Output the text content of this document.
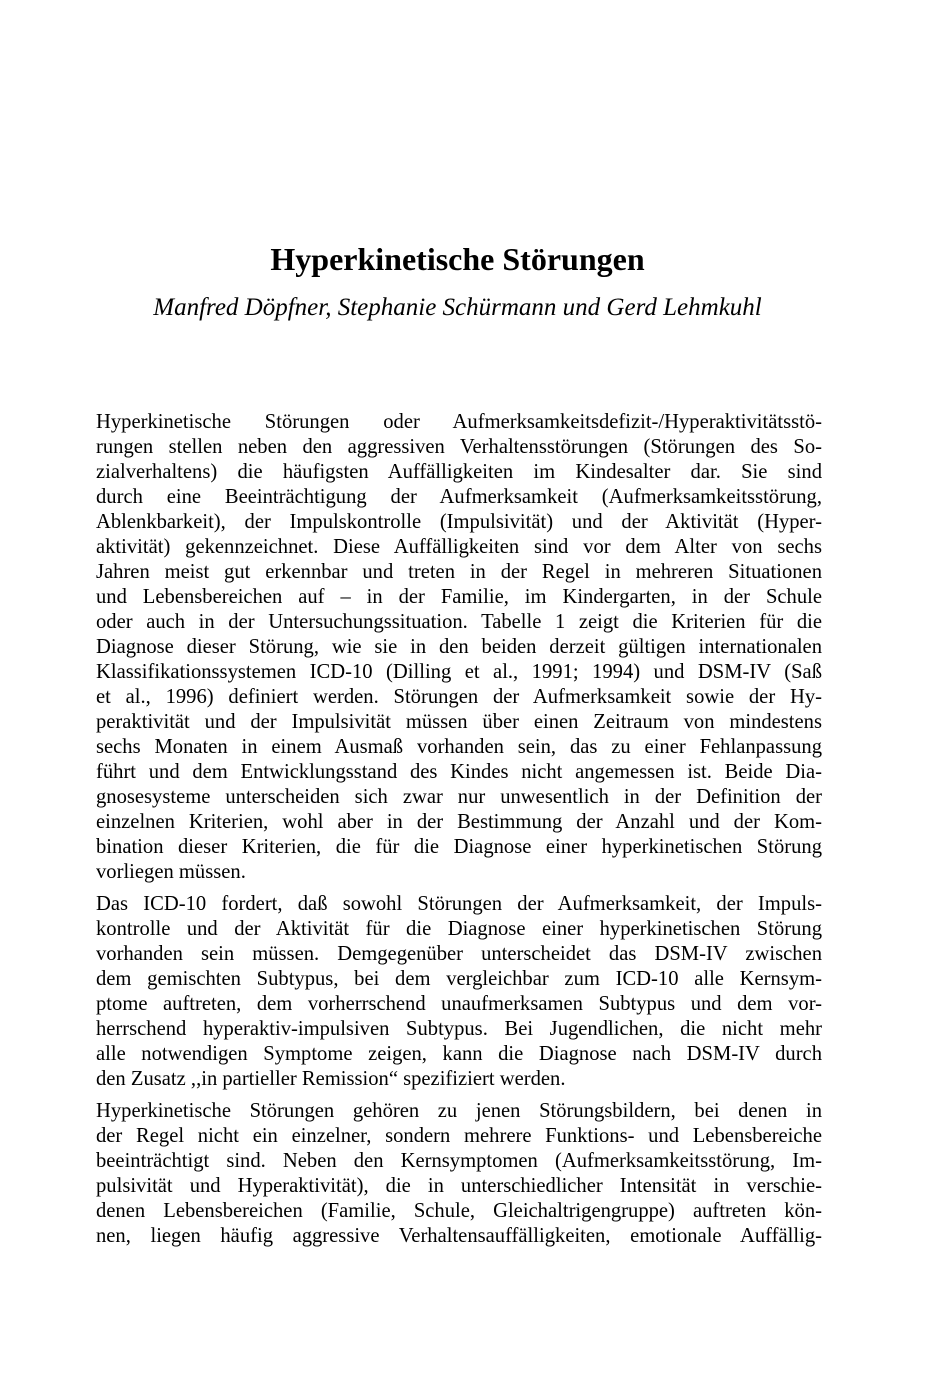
Hyperkinetische Störungen
Manfred Döpfner, Stephanie Schürmann und Gerd Lehmkuhl

Hyperkinetische Störungen oder Aufmerksamkeitsdefizit-/Hyperaktivitätsstö-
rungen stellen neben den aggressiven Verhaltensstörungen (Störungen des So-
zialverhaltens) die häufigsten Auffälligkeiten im Kindesalter dar. Sie sind
durch eine Beeinträchtigung der Aufmerksamkeit (Aufmerksamkeitsstörung,
Ablenkbarkeit), der Impulskontrolle (Impulsivität) und der Aktivität (Hyper-
aktivität) gekennzeichnet. Diese Auffälligkeiten sind vor dem Alter von sechs
Jahren meist gut erkennbar und treten in der Regel in mehreren Situationen
und Lebensbereichen auf – in der Familie, im Kindergarten, in der Schule
oder auch in der Untersuchungssituation. Tabelle 1 zeigt die Kriterien für die
Diagnose dieser Störung, wie sie in den beiden derzeit gültigen internationalen
Klassifikationssystemen ICD-10 (Dilling et al., 1991; 1994) und DSM-IV (Saß
et al., 1996) definiert werden. Störungen der Aufmerksamkeit sowie der Hy-
peraktivität und der Impulsivität müssen über einen Zeitraum von mindestens
sechs Monaten in einem Ausmaß vorhanden sein, das zu einer Fehlanpassung
führt und dem Entwicklungsstand des Kindes nicht angemessen ist. Beide Dia-
gnosesysteme unterscheiden sich zwar nur unwesentlich in der Definition der
einzelnen Kriterien, wohl aber in der Bestimmung der Anzahl und der Kom-
bination dieser Kriterien, die für die Diagnose einer hyperkinetischen Störung
vorliegen müssen.

Das ICD-10 fordert, daß sowohl Störungen der Aufmerksamkeit, der Impuls-
kontrolle und der Aktivität für die Diagnose einer hyperkinetischen Störung
vorhanden sein müssen. Demgegenüber unterscheidet das DSM-IV zwischen
dem gemischten Subtypus, bei dem vergleichbar zum ICD-10 alle Kernsym-
ptome auftreten, dem vorherrschend unaufmerksamen Subtypus und dem vor-
herrschend hyperaktiv-impulsiven Subtypus. Bei Jugendlichen, die nicht mehr
alle notwendigen Symptome zeigen, kann die Diagnose nach DSM-IV durch
den Zusatz ,,in partieller Remission“ spezifiziert werden.

Hyperkinetische Störungen gehören zu jenen Störungsbildern, bei denen in
der Regel nicht ein einzelner, sondern mehrere Funktions- und Lebensbereiche
beeinträchtigt sind. Neben den Kernsymptomen (Aufmerksamkeitsstörung, Im-
pulsivität und Hyperaktivität), die in unterschiedlicher Intensität in verschie-
denen Lebensbereichen (Familie, Schule, Gleichaltrigengruppe) auftreten kön-
nen, liegen häufig aggressive Verhaltensauffälligkeiten, emotionale Auffällig-
